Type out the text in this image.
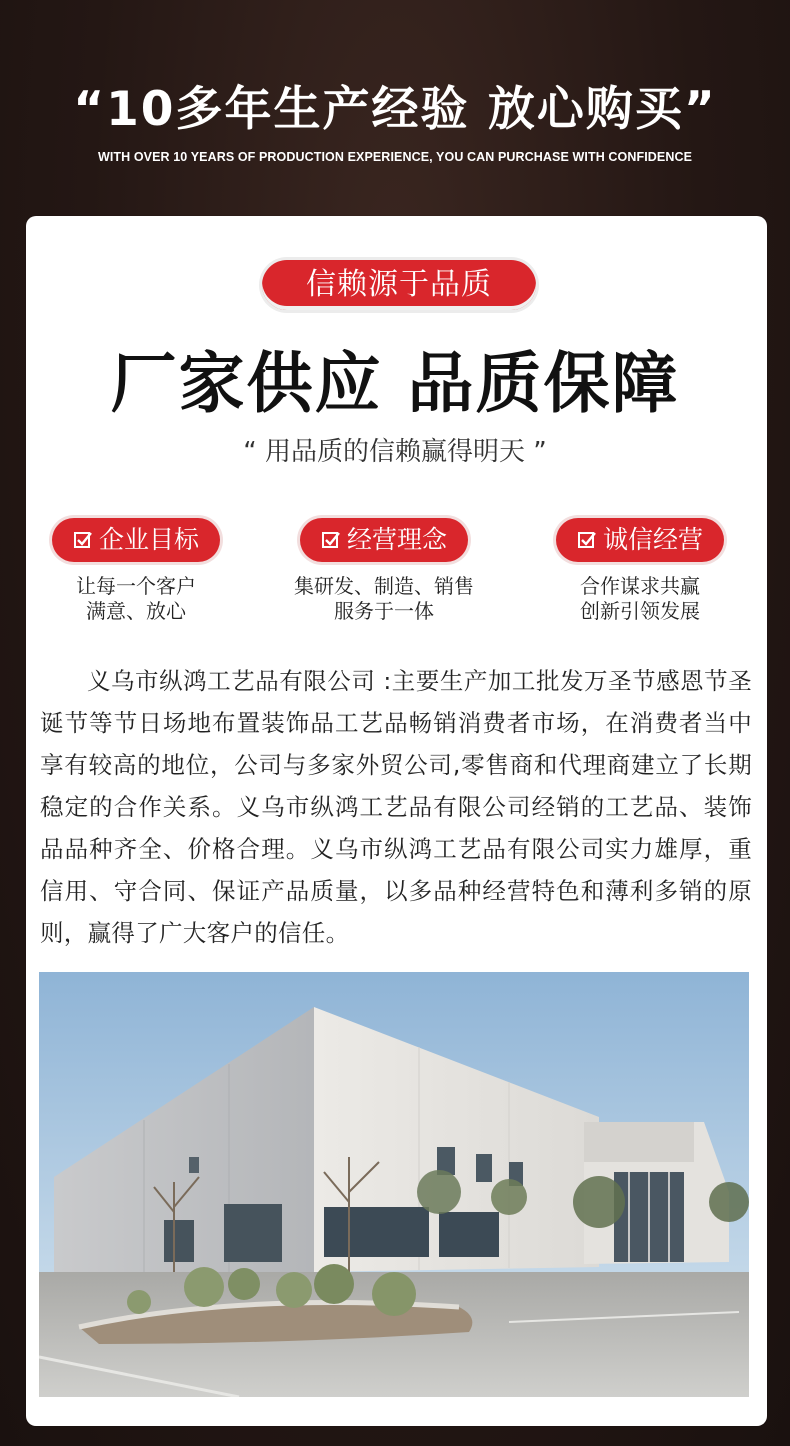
“10多年生产经验 放心购买”
WITH OVER 10 YEARS OF PRODUCTION EXPERIENCE, YOU CAN PURCHASE WITH CONFIDENCE
信赖源于品质
厂家供应 品质保障
“ 用品质的信赖赢得明天 ”
企业目标
让每一个客户
满意、放心
经营理念
集研发、制造、销售
服务于一体
诚信经营
合作谋求共赢
创新引领发展
义乌市纵鸿工艺品有限公司 :主要生产加工批发万圣节感恩节圣诞节等节日场地布置装饰品工艺品畅销消费者市场，在消费者当中享有较高的地位，公司与多家外贸公司,零售商和代理商建立了长期稳定的合作关系。义乌市纵鸿工艺品有限公司经销的工艺品、装饰品品种齐全、价格合理。义乌市纵鸿工艺品有限公司实力雄厚，重信用、守合同、保证产品质量，以多品种经营特色和薄利多销的原则，赢得了广大客户的信任。
